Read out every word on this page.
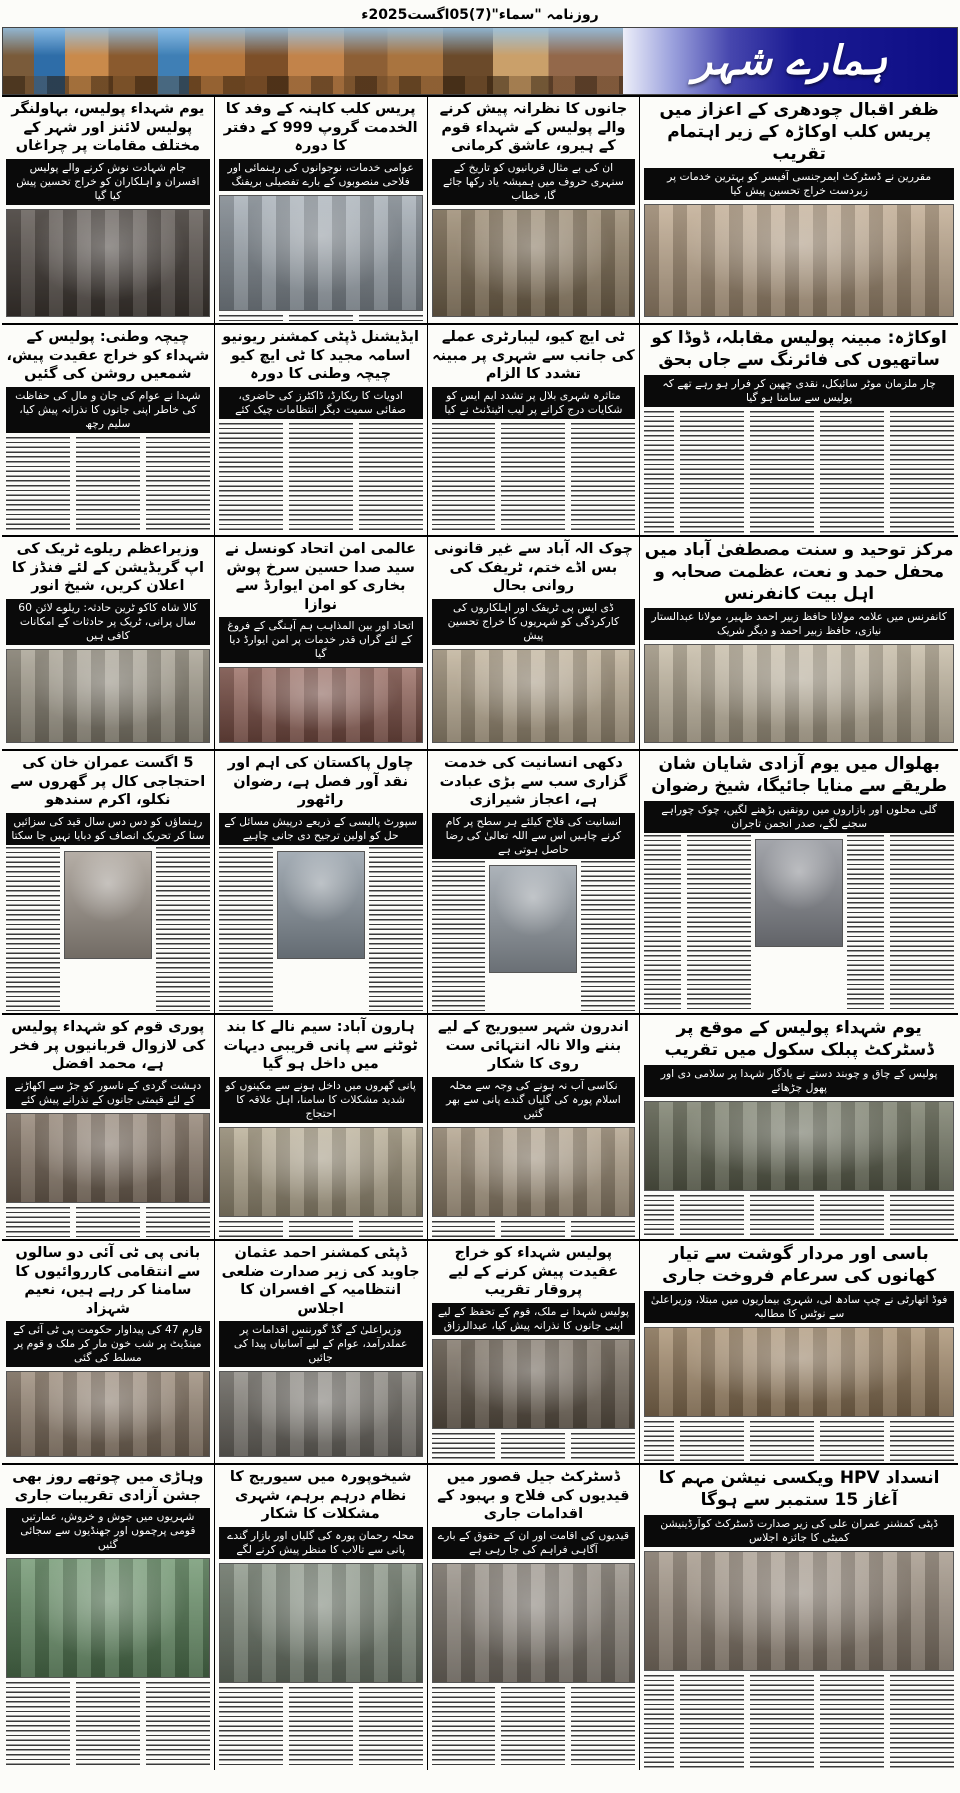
روزنامہ "سماء"(7)05اگست2025ء
ہمارے شہر
ظفر اقبال چودھری کے اعزاز میں پریس کلب اوکاڑہ کے زیر اہتمام تقریب
مقررین نے ڈسٹرکٹ ایمرجنسی آفیسر کو بہترین خدمات پر زبردست خراج تحسین پیش کیا
جانوں کا نظرانہ پیش کرنے والے پولیس کے شہداء قوم کے ہیرو، عاشق کرمانی
ان کی بے مثال قربانیوں کو تاریخ کے سنہری حروف میں ہمیشہ یاد رکھا جائے گا، خطاب
پریس کلب کاہنہ کے وفد کا الخدمت گروپ 999 کے دفتر کا دورہ
عوامی خدمات، نوجوانوں کی رہنمائی اور فلاحی منصوبوں کے بارے تفصیلی بریفنگ
یوم شہداء پولیس، بہاولنگر پولیس لائنز اور شہر کے مختلف مقامات پر چراغاں
جام شہادت نوش کرنے والے پولیس افسران و اہلکاران کو خراج تحسین پیش کیا گیا
اوکاڑہ: مبینہ پولیس مقابلہ، ڈوڈا کو ساتھیوں کی فائرنگ سے جاں بحق
چار ملزمان موٹر سائیکل، نقدی چھین کر فرار ہو رہے تھے کہ پولیس سے سامنا ہو گیا
ٹی ایچ کیو، لیبارٹری عملے کی جانب سے شہری پر مبینہ تشدد کا الزام
متاثرہ شہری بلال پر تشدد ایم ایس کو شکایات درج کرانے پر لیب اٹینڈنٹ نے کیا
ایڈیشنل ڈپٹی کمشنر ریونیو اسامہ مجید کا ٹی ایچ کیو چیچہ وطنی کا دورہ
ادویات کا ریکارڈ، ڈاکٹرز کی حاضری، صفائی سمیت دیگر انتظامات چیک کئے
چیچہ وطنی: پولیس کے شہداء کو خراج عقیدت پیش، شمعیں روشن کی گئیں
شہدا نے عوام کی جان و مال کی حفاظت کی خاطر اپنی جانوں کا نذرانہ پیش کیا، سلیم رچھ
مرکز توحید و سنت مصطفیٰ آباد میں محفل حمد و نعت، عظمت صحابہ و اہل بیت کانفرنس
کانفرنس میں علامہ مولانا حافظ زبیر احمد ظہیر، مولانا عبدالستار نیازی، حافظ زبیر احمد و دیگر شریک
چوک الہ آباد سے غیر قانونی بس اڈے ختم، ٹریفک کی روانی بحال
ڈی ایس پی ٹریفک اور اہلکاروں کی کارکردگی کو شہریوں کا خراج تحسین پیش
عالمی امن اتحاد کونسل نے سید صدا حسین سرخ پوش بخاری کو امن ایوارڈ سے نوازا
اتحاد اور بین المذاہب ہم آہنگی کے فروغ کے لئے گراں قدر خدمات پر امن ایوارڈ دیا گیا
وزیراعظم ریلوے ٹریک کی اپ گریڈیشن کے لئے فنڈز کا اعلان کریں، شیخ انور
کالا شاہ کاکو ٹرین حادثہ: ریلوے لائن 60 سال پرانی، ٹریک پر حادثات کے امکانات کافی ہیں
بھلوال میں یوم آزادی شایان شان طریقے سے منایا جائیگا، شیخ رضوان
گلی محلوں اور بازاروں میں رونقیں بڑھنے لگیں، چوک چوراہے سجنے لگے، صدر انجمن تاجران
دکھی انسانیت کی خدمت گزاری سب سے بڑی عبادت ہے، اعجاز شیرازی
انسانیت کی فلاح کیلئے ہر سطح پر کام کرنے چاہیں اس سے اللہ تعالیٰ کی رضا حاصل ہوتی ہے
چاول پاکستان کی اہم اور نقد آور فصل ہے، رضوان راٹھور
سپورٹ پالیسی کے ذریعے درپیش مسائل کے حل کو اولین ترجیح دی جانی چاہیے
5 اگست عمران خان کی احتجاجی کال پر گھروں سے نکلو، اکرم سندھو
رہنماؤں کو دس دس سال قید کی سزائیں سنا کر تحریک انصاف کو دبایا نہیں جا سکتا
یوم شہداء پولیس کے موقع پر ڈسٹرکٹ پبلک سکول میں تقریب
پولیس کے چاق و چوبند دستے نے یادگار شہدا پر سلامی دی اور پھول چڑھائے
اندرون شہر سیوریج کے لیے بننے والا نالہ انتہائی ست روی کا شکار
نکاسی آب نہ ہونے کی وجہ سے محلہ اسلام پورہ کی گلیاں گندے پانی سے بھر گئیں
ہارون آباد: سیم نالے کا بند ٹوٹنے سے پانی قریبی دیہات میں داخل ہو گیا
پانی گھروں میں داخل ہونے سے مکینوں کو شدید مشکلات کا سامنا، اہل علاقہ کا احتجاج
پوری قوم کو شہداء پولیس کی لازوال قربانیوں پر فخر ہے، محمد افضل
دہشت گردی کے ناسور کو جڑ سے اکھاڑنے کے لئے قیمتی جانوں کے نذرانے پیش کئے
باسی اور مردار گوشت سے تیار کھانوں کی سرعام فروخت جاری
فوڈ اتھارٹی نے چپ سادھ لی، شہری بیماریوں میں مبتلا، وزیراعلیٰ سے نوٹس کا مطالبہ
پولیس شہداء کو خراج عقیدت پیش کرنے کے لیے پروقار تقریب
پولیس شہدا نے ملک، قوم کے تحفظ کے لیے اپنی جانوں کا نذرانہ پیش کیا، عبدالرزاق
ڈپٹی کمشنر احمد عثمان جاوید کی زیر صدارت ضلعی انتظامیہ کے افسران کا اجلاس
وزیراعلیٰ کے گڈ گورننس اقدامات پر عملدرآمد، عوام کے لیے آسانیاں پیدا کی جائیں
بانی پی ٹی آئی دو سالوں سے انتقامی کارروائیوں کا سامنا کر رہے ہیں، نعیم شہزاد
فارم 47 کی پیداوار حکومت پی ٹی آئی کے مینڈیٹ پر شب خون مار کر ملک و قوم پر مسلط کی گئی
انسداد HPV ویکسی نیشن مہم کا آغاز 15 ستمبر سے ہوگا
ڈپٹی کمشنر عمران علی کی زیر صدارت ڈسٹرکٹ کوآرڈینیشن کمیٹی کا جائزہ اجلاس
ڈسٹرکٹ جیل قصور میں قیدیوں کی فلاح و بہبود کے اقدامات جاری
قیدیوں کی اقامت اور ان کے حقوق کے بارے آگاہی فراہم کی جا رہی ہے
شیخوپورہ میں سیوریج کا نظام درہم برہم، شہری مشکلات کا شکار
محلہ رحمان پورہ کی گلیاں اور بازار گندے پانی سے تالاب کا منظر پیش کرنے لگے
وہاڑی میں چوتھے روز بھی جشن آزادی تقریبات جاری
شہریوں میں جوش و خروش، عمارتیں قومی پرچموں اور جھنڈیوں سے سجائی گئیں
